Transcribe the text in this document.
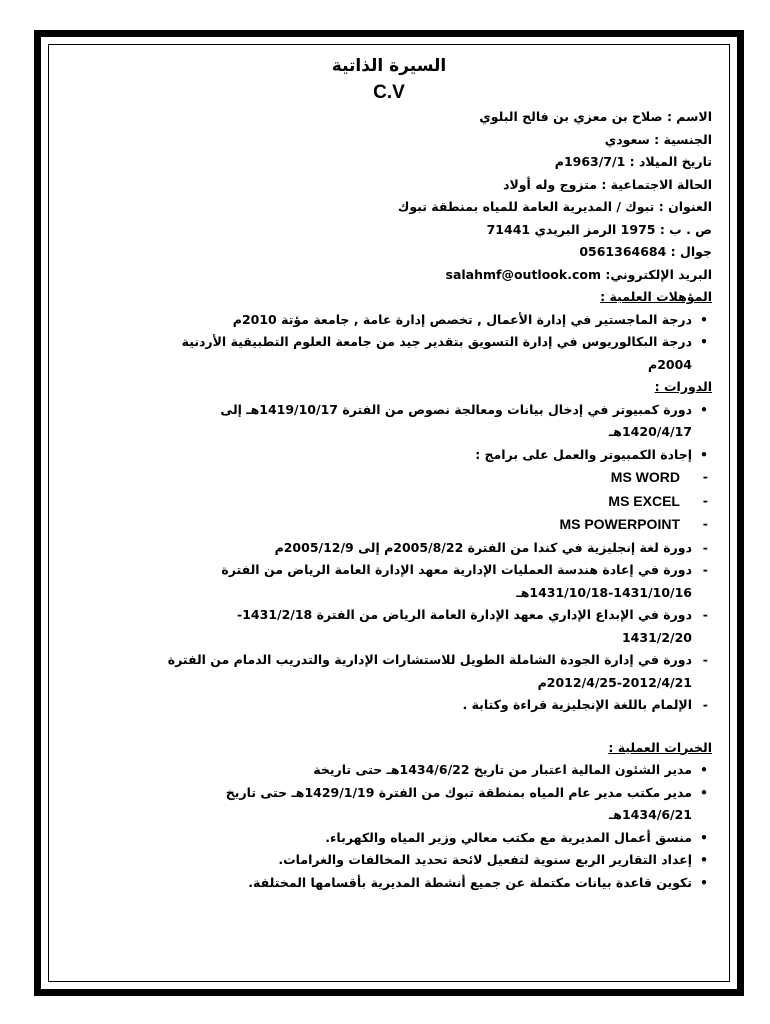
السيرة الذاتية

C.V

الاسم : صلاح بن معزي بن فالح البلوي

الجنسية : سعودي

تاريخ الميلاد : 1963/7/1م

الحالة الاجتماعية : متزوج وله أولاد

العنوان : تبوك / المديرية العامة للمياه بمنطقة تبوك

ص . ب : 1975 الرمز البريدي 71441

جوال : 0561364684

البريد الإلكتروني: salahmf@outlook.com

المؤهلات العلمية :

• درجة الماجستير في إدارة الأعمال , تخصص إدارة عامة , جامعة مؤتة 2010م
• درجة البكالوريوس في إدارة التسويق بتقدير جيد من جامعة العلوم التطبيقية الأردنية
2004م

الدورات :

• دورة كمبيوتر في إدخال بيانات ومعالجة نصوص من الفترة 1419/10/17هـ إلى
1420/4/17هـ
• إجادة الكمبيوتر والعمل على برامج :
- MS WORD
- MS EXCEL
- MS POWERPOINT
- دورة لغة إنجليزية في كندا من الفترة 2005/8/22م إلى 2005/12/9م
- دورة في إعادة هندسة العمليات الإدارية معهد الإدارة العامة الرياض من الفترة
1431/10/18-1431/10/16هـ
- دورة في الإبداع الإداري معهد الإدارة العامة الرياض من الفترة 1431/2/18-
1431/2/20
- دورة في إدارة الجودة الشاملة الطويل للاستشارات الإدارية والتدريب الدمام من الفترة
2012/4/25-2012/4/21م
- الإلمام باللغة الإنجليزية قراءة وكتابة .

الخبرات العملية :

• مدير الشئون المالية اعتبار من تاريخ 1434/6/22هـ حتى تاريخة
• مدير مكتب مدير عام المياه بمنطقة تبوك من الفترة 1429/1/19هـ حتى تاريخ
1434/6/21هـ
• منسق أعمال المديرية مع مكتب معالي وزير المياه والكهرباء.
• إعداد التقارير الربع سنوية لتفعيل لائحة تحديد المخالفات والغرامات.
• تكوين قاعدة بيانات مكتملة عن جميع أنشطة المديرية بأقسامها المختلفة.
